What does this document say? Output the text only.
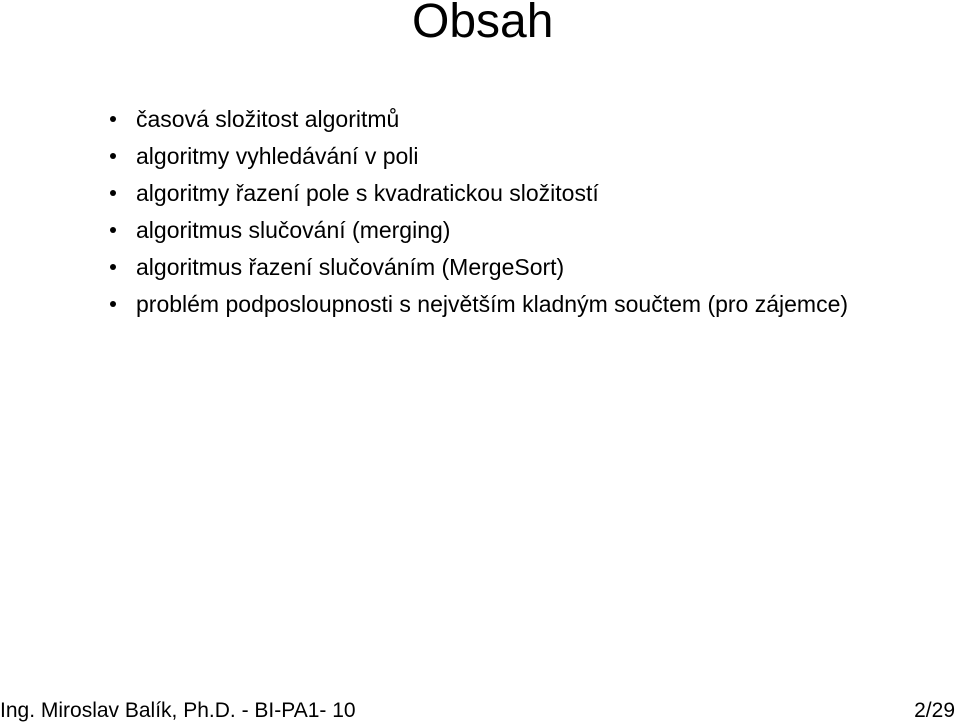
Obsah
časová složitost algoritmů
algoritmy vyhledávání v poli
algoritmy řazení pole s kvadratickou složitostí
algoritmus slučování (merging)
algoritmus řazení slučováním (MergeSort)
problém podposloupnosti s největším kladným součtem (pro zájemce)
Ing. Miroslav Balík, Ph.D. - BI-PA1- 10	2/29
